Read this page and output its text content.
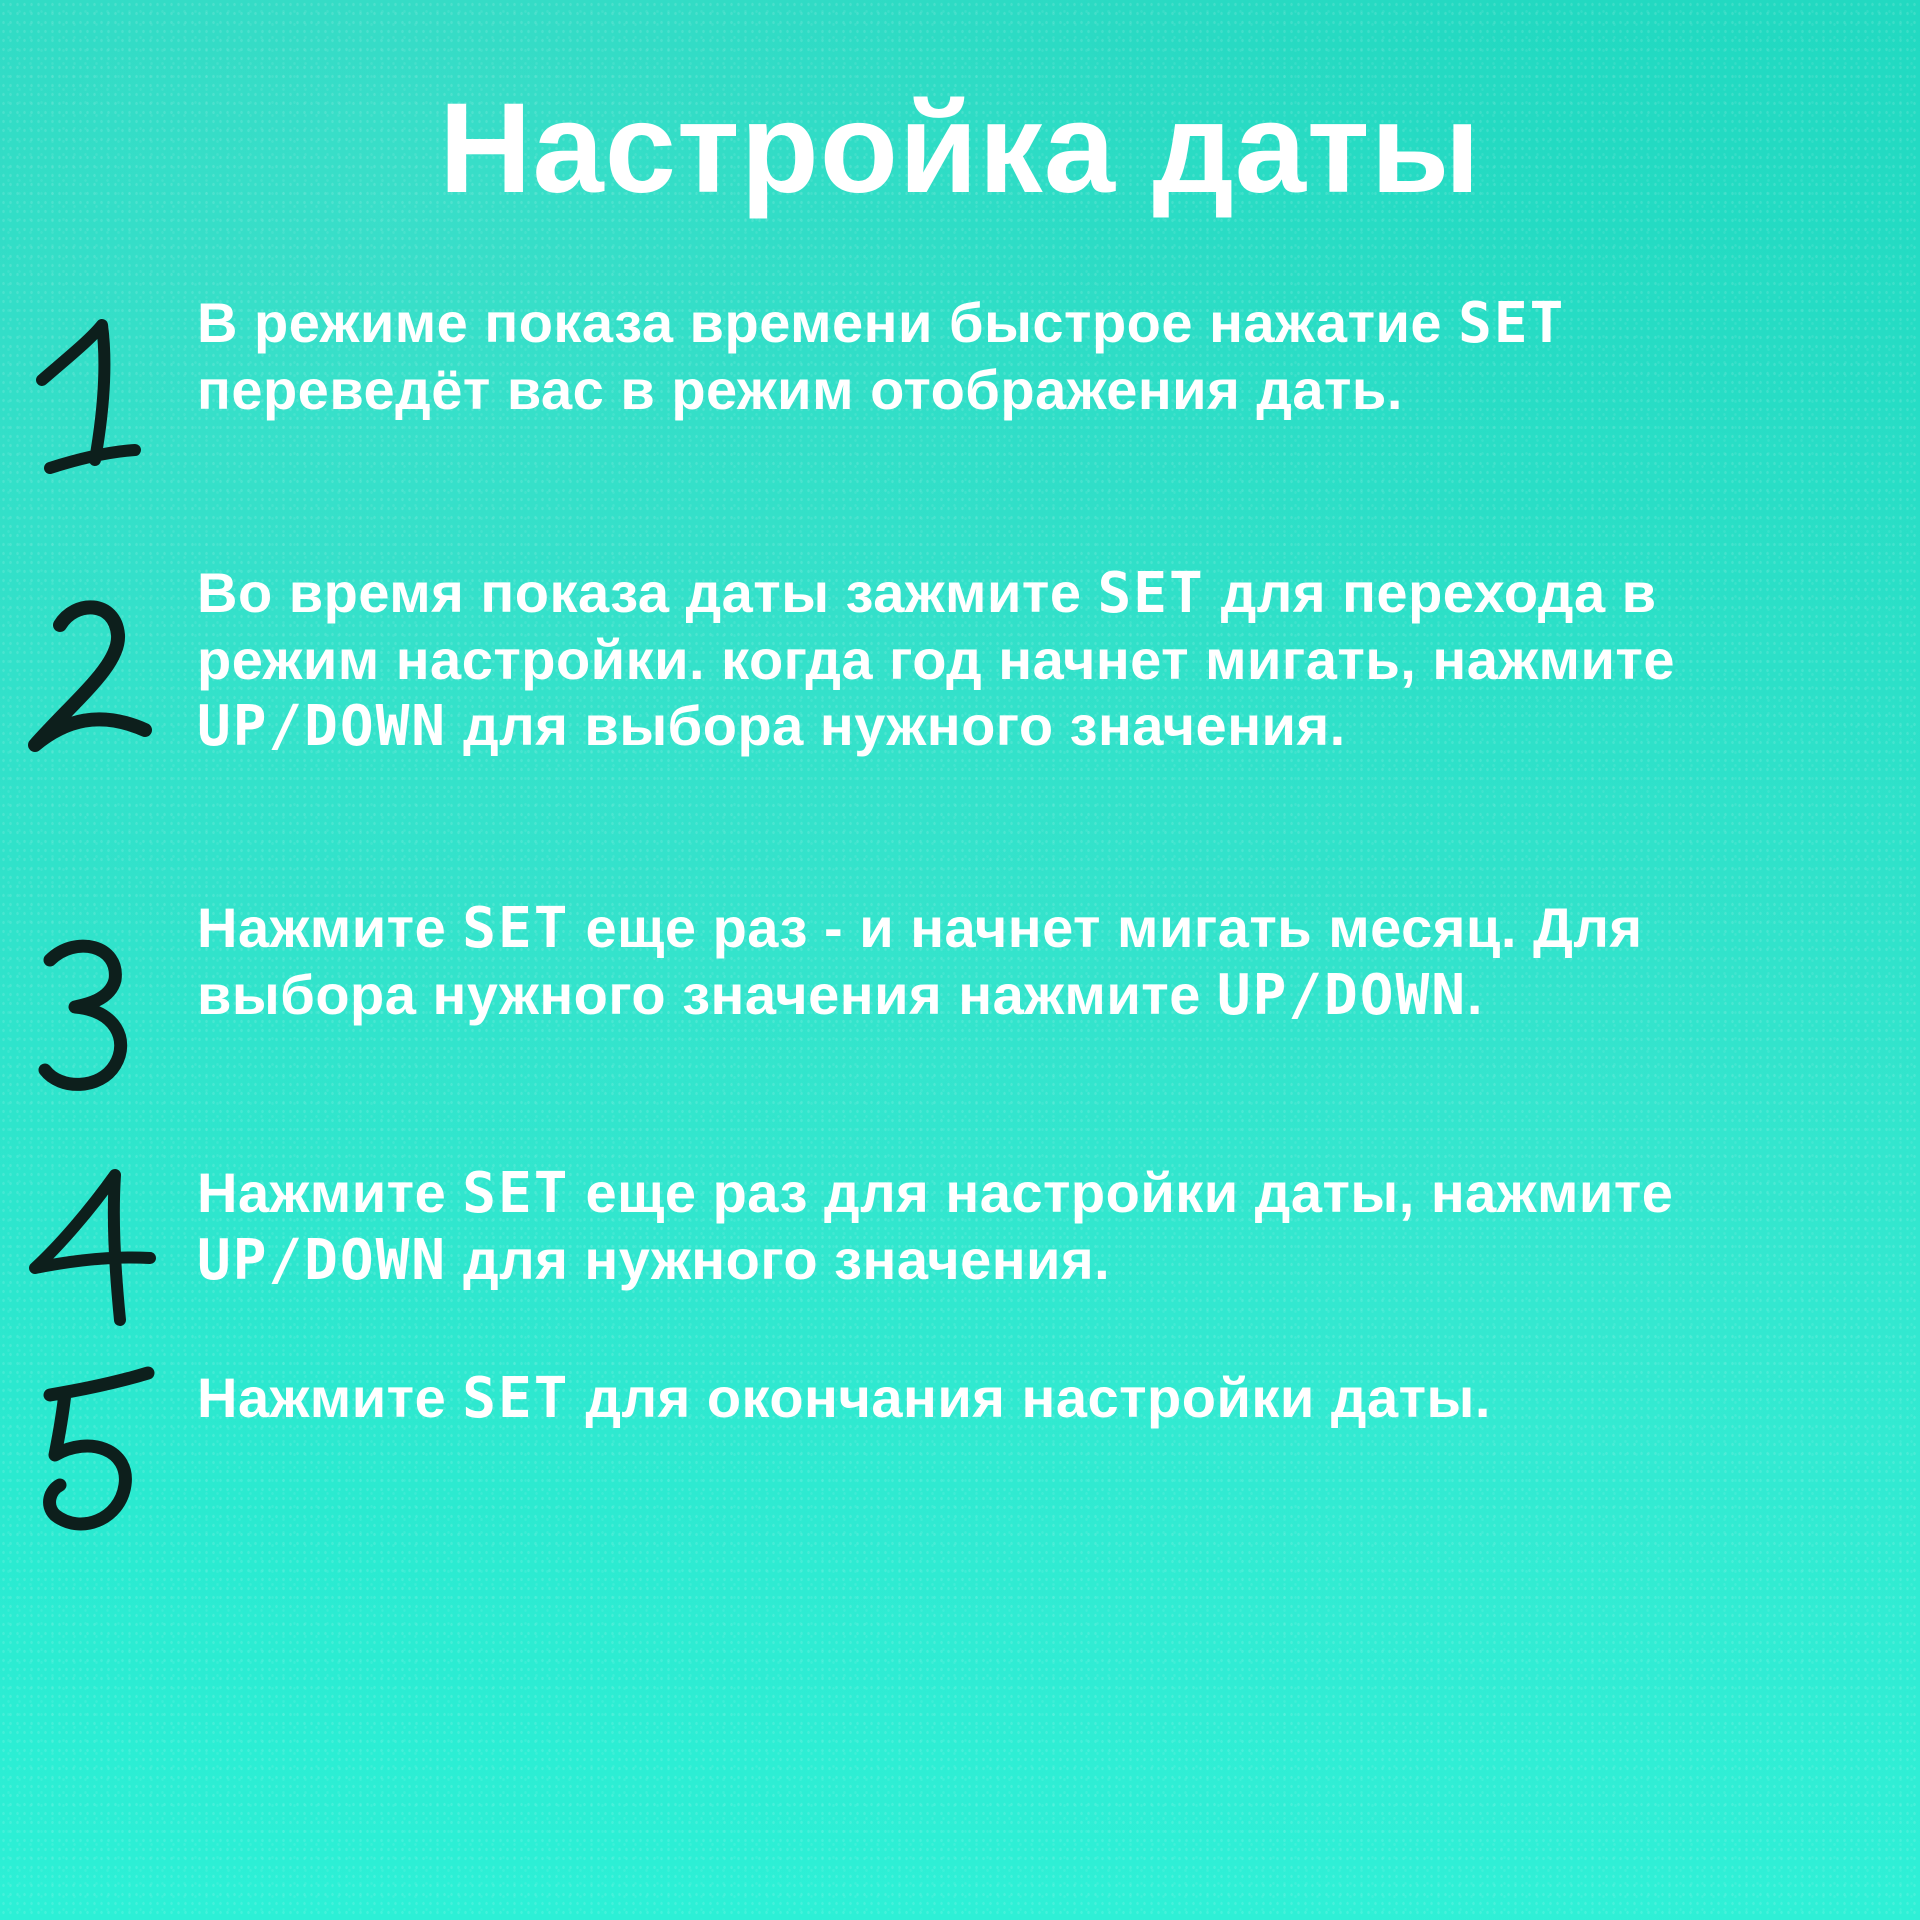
Настройка даты
В режиме показа времени быстрое нажатие SET переведёт вас в режим отображения дать.
Во время показа даты зажмите SET для перехода в режим настройки. когда год начнет мигать, нажмите UP/DOWN для выбора нужного значения.
Нажмите SET еще раз - и начнет мигать месяц. Для выбора нужного значения нажмите UP/DOWN.
Нажмите SET еще раз для настройки даты, нажмите UP/DOWN для нужного значения.
Нажмите SET для окончания настройки даты.
